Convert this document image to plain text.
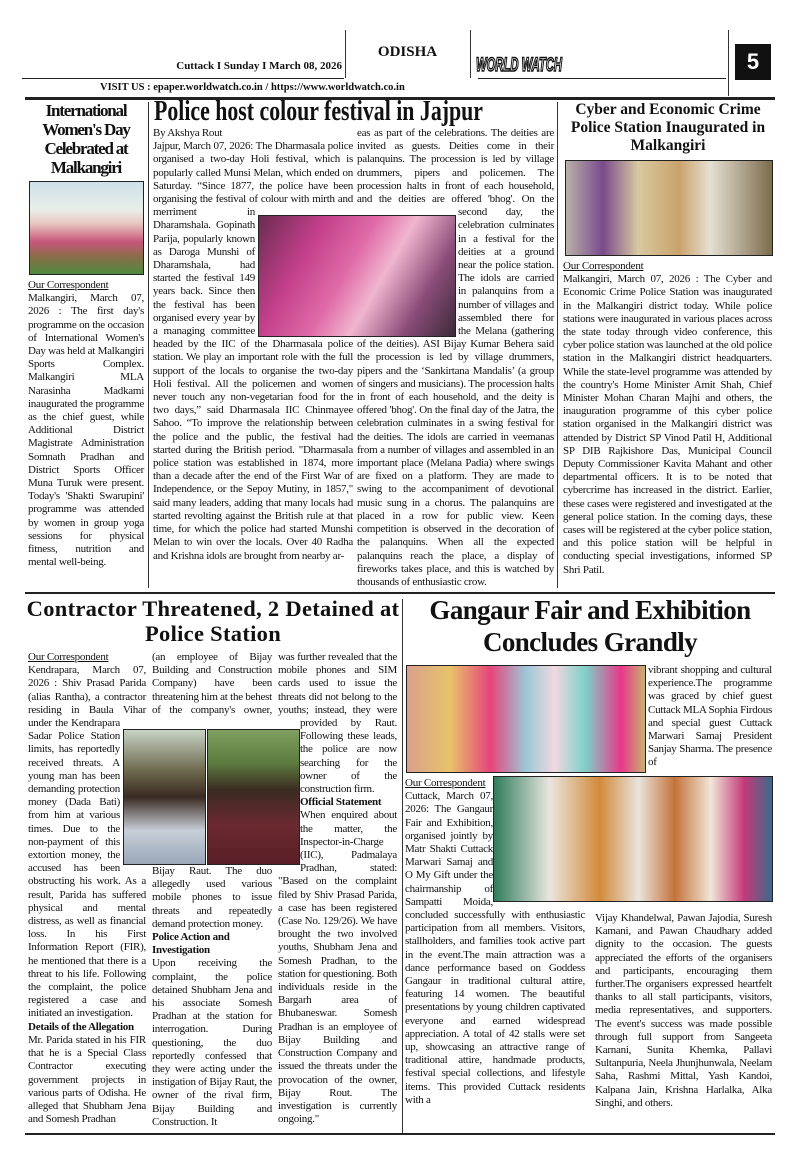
Cuttack I Sunday I March 08, 2026
ODISHA
WORLD WATCH	5
VISIT US : epaper.worldwatch.co.in / https://www.worldwatch.co.in
International Women's Day Celebrated at Malkangiri
Our Correspondent

Malkangiri, March 07, 2026 : The first day's programme on the occasion of International Women's Day was held at Malkangiri Sports Complex. Malkangiri MLA Narasinha Madkami inaugurated the programme as the chief guest, while Additional District Magistrate Administration Somnath Pradhan and District Sports Officer Muna Turuk were present. Today's 'Shakti Swarupini' programme was attended by women in group yoga sessions for physical fitness, nutrition and mental well-being.

Police host colour festival in Jajpur
By Akshya Rout

Jajpur, March 07, 2026: The Dharmasala police organised a two-day Holi festival, which is popularly called Munsi Melan, which ended on Saturday. “Since 1877, the police have been organising the festival of colour with mirth and merriment in Dharamshala. Gopinath Parija, popularly known as Daroga Munshi of Dharamshala, had started the festival 149 years back. Since then the festival has been organised every year by a managing committee headed by the IIC of the Dharmasala police station. We play an important role with the full support of the locals to organise the two-day Holi festival. All the policemen and women never touch any non-vegetarian food for the two days,” said Dharmasala IIC Chinmayee Sahoo. “To improve the relationship between the police and the public, the festival had started during the British period. "Dharmasala police station was established in 1874, more than a decade after the end of the First War of Independence, or the Sepoy Mutiny, in 1857," said many leaders, adding that many locals had started revolting against the British rule at that time, for which the police had started Munshi Melan to win over the locals. Over 40 Radha and Krishna idols are brought from nearby ar-

eas as part of the celebrations. The deities are invited as guests. Deities come in their palanquins. The procession is led by village drummers, pipers and policemen. The procession halts in front of each household, and the deities are offered 'bhog'. On the second day, the celebration culminates in a festival for the deities at a ground near the police station. The idols are carried in palanquins from a number of villages and assembled there for the Melana (gathering of the deities). ASI Bijay Kumar Behera said the procession is led by village drummers, pipers and the ‘Sankirtana Mandalis’ (a group of singers and musicians). The procession halts in front of each household, and the deity is offered 'bhog'. On the final day of the Jatra, the celebration culminates in a swing festival for the deities. The idols are carried in veemanas from a number of villages and assembled in an important place (Melana Padia) where swings are fixed on a platform. They are made to swing to the accompaniment of devotional music sung in a chorus. The palanquins are placed in a row for public view. Keen competition is observed in the decoration of the palanquins. When all the expected palanquins reach the place, a display of fireworks takes place, and this is watched by thousands of enthusiastic crow.

Cyber and Economic Crime Police Station Inaugurated in Malkangiri
Our Correspondent

Malkangiri, March 07, 2026 : The Cyber and Economic Crime Police Station was inaugurated in the Malkangiri district today. While police stations were inaugurated in various places across the state today through video conference, this cyber police station was launched at the old police station in the Malkangiri district headquarters. While the state-level programme was attended by the country's Home Minister Amit Shah, Chief Minister Mohan Charan Majhi and others, the inauguration programme of this cyber police station organised in the Malkangiri district was attended by District SP Vinod Patil H, Additional SP DIB Rajkishore Das, Municipal Council Deputy Commissioner Kavita Mahant and other departmental officers. It is to be noted that cybercrime has increased in the district. Earlier, these cases were registered and investigated at the general police station. In the coming days, these cases will be registered at the cyber police station, and this police station will be helpful in conducting special investigations, informed SP Shri Patil.

Contractor Threatened, 2 Detained at Police Station
Our Correspondent

Kendrapara, March 07, 2026 : Shiv Prasad Parida (alias Rantha), a contractor residing in Baula Vihar under the Kendrapara Sadar Police Station limits, has reportedly received threats. A young man has been demanding protection money (Dada Bati) from him at various times. Due to the non-payment of this extortion money, the accused has been obstructing his work. As a result, Parida has suffered physical and mental distress, as well as financial loss. In his First Information Report (FIR), he mentioned that there is a threat to his life. Following the complaint, the police registered a case and initiated an investigation.

Details of the Allegation

Mr. Parida stated in his FIR that he is a Special Class Contractor executing government projects in various parts of Odisha. He alleged that Shubham Jena and Somesh Pradhan

(an employee of Bijay Building and Construction Company) have been threatening him at the behest of the company's owner, Bijay Raut. The duo allegedly used various mobile phones to issue threats and repeatedly demand protection money.

Police Action and Investigation

Upon receiving the complaint, the police detained Shubham Jena and his associate Somesh Pradhan at the station for interrogation. During questioning, the duo reportedly confessed that they were acting under the instigation of Bijay Raut, the owner of the rival firm, Bijay Building and Construction. It

was further revealed that the mobile phones and SIM cards used to issue the threats did not belong to the youths; instead, they were provided by Raut. Following these leads, the police are now searching for the owner of the construction firm.

Official Statement

When enquired about the matter, the Inspector-in-Charge (IIC), Padmalaya Pradhan, stated: "Based on the complaint filed by Shiv Prasad Parida, a case has been registered (Case No. 129/26). We have brought the two involved youths, Shubham Jena and Somesh Pradhan, to the station for questioning. Both individuals reside in the Bargarh area of Bhubaneswar. Somesh Pradhan is an employee of Bijay Building and Construction Company and issued the threats under the provocation of the owner, Bijay Rout. The investigation is currently ongoing."

Gangaur Fair and Exhibition Concludes Grandly
vibrant shopping and cultural experience.The programme was graced by chief guest Cuttack MLA Sophia Firdous and special guest Cuttack Marwari Samaj President Sanjay Sharma. The presence of
Our Correspondent

Cuttack, March 07, 2026: The Gangaur Fair and Exhibition, organised jointly by Matr Shakti Cuttack Marwari Samaj and O My Gift under the chairmanship of Sampatti Moida, concluded successfully with enthusiastic participation from all members. Visitors, stallholders, and families took active part in the event.The main attraction was a dance performance based on Goddess Gangaur in traditional cultural attire, featuring 14 women. The beautiful presentations by young children captivated everyone and earned widespread appreciation. A total of 42 stalls were set up, showcasing an attractive range of traditional attire, handmade products, festival special collections, and lifestyle items. This provided Cuttack residents with a

Vijay Khandelwal, Pawan Jajodia, Suresh Kamani, and Pawan Chaudhary added dignity to the occasion. The guests appreciated the efforts of the organisers and participants, encouraging them further.The organisers expressed heartfelt thanks to all stall participants, visitors, media representatives, and supporters. The event's success was made possible through full support from Sangeeta Karnani, Sunita Khemka, Pallavi Sultanpuria, Neela Jhunjhunwala, Neelam Saha, Rashmi Mittal, Yash Kandoi, Kalpana Jain, Krishna Harlalka, Alka Singhi, and others.
